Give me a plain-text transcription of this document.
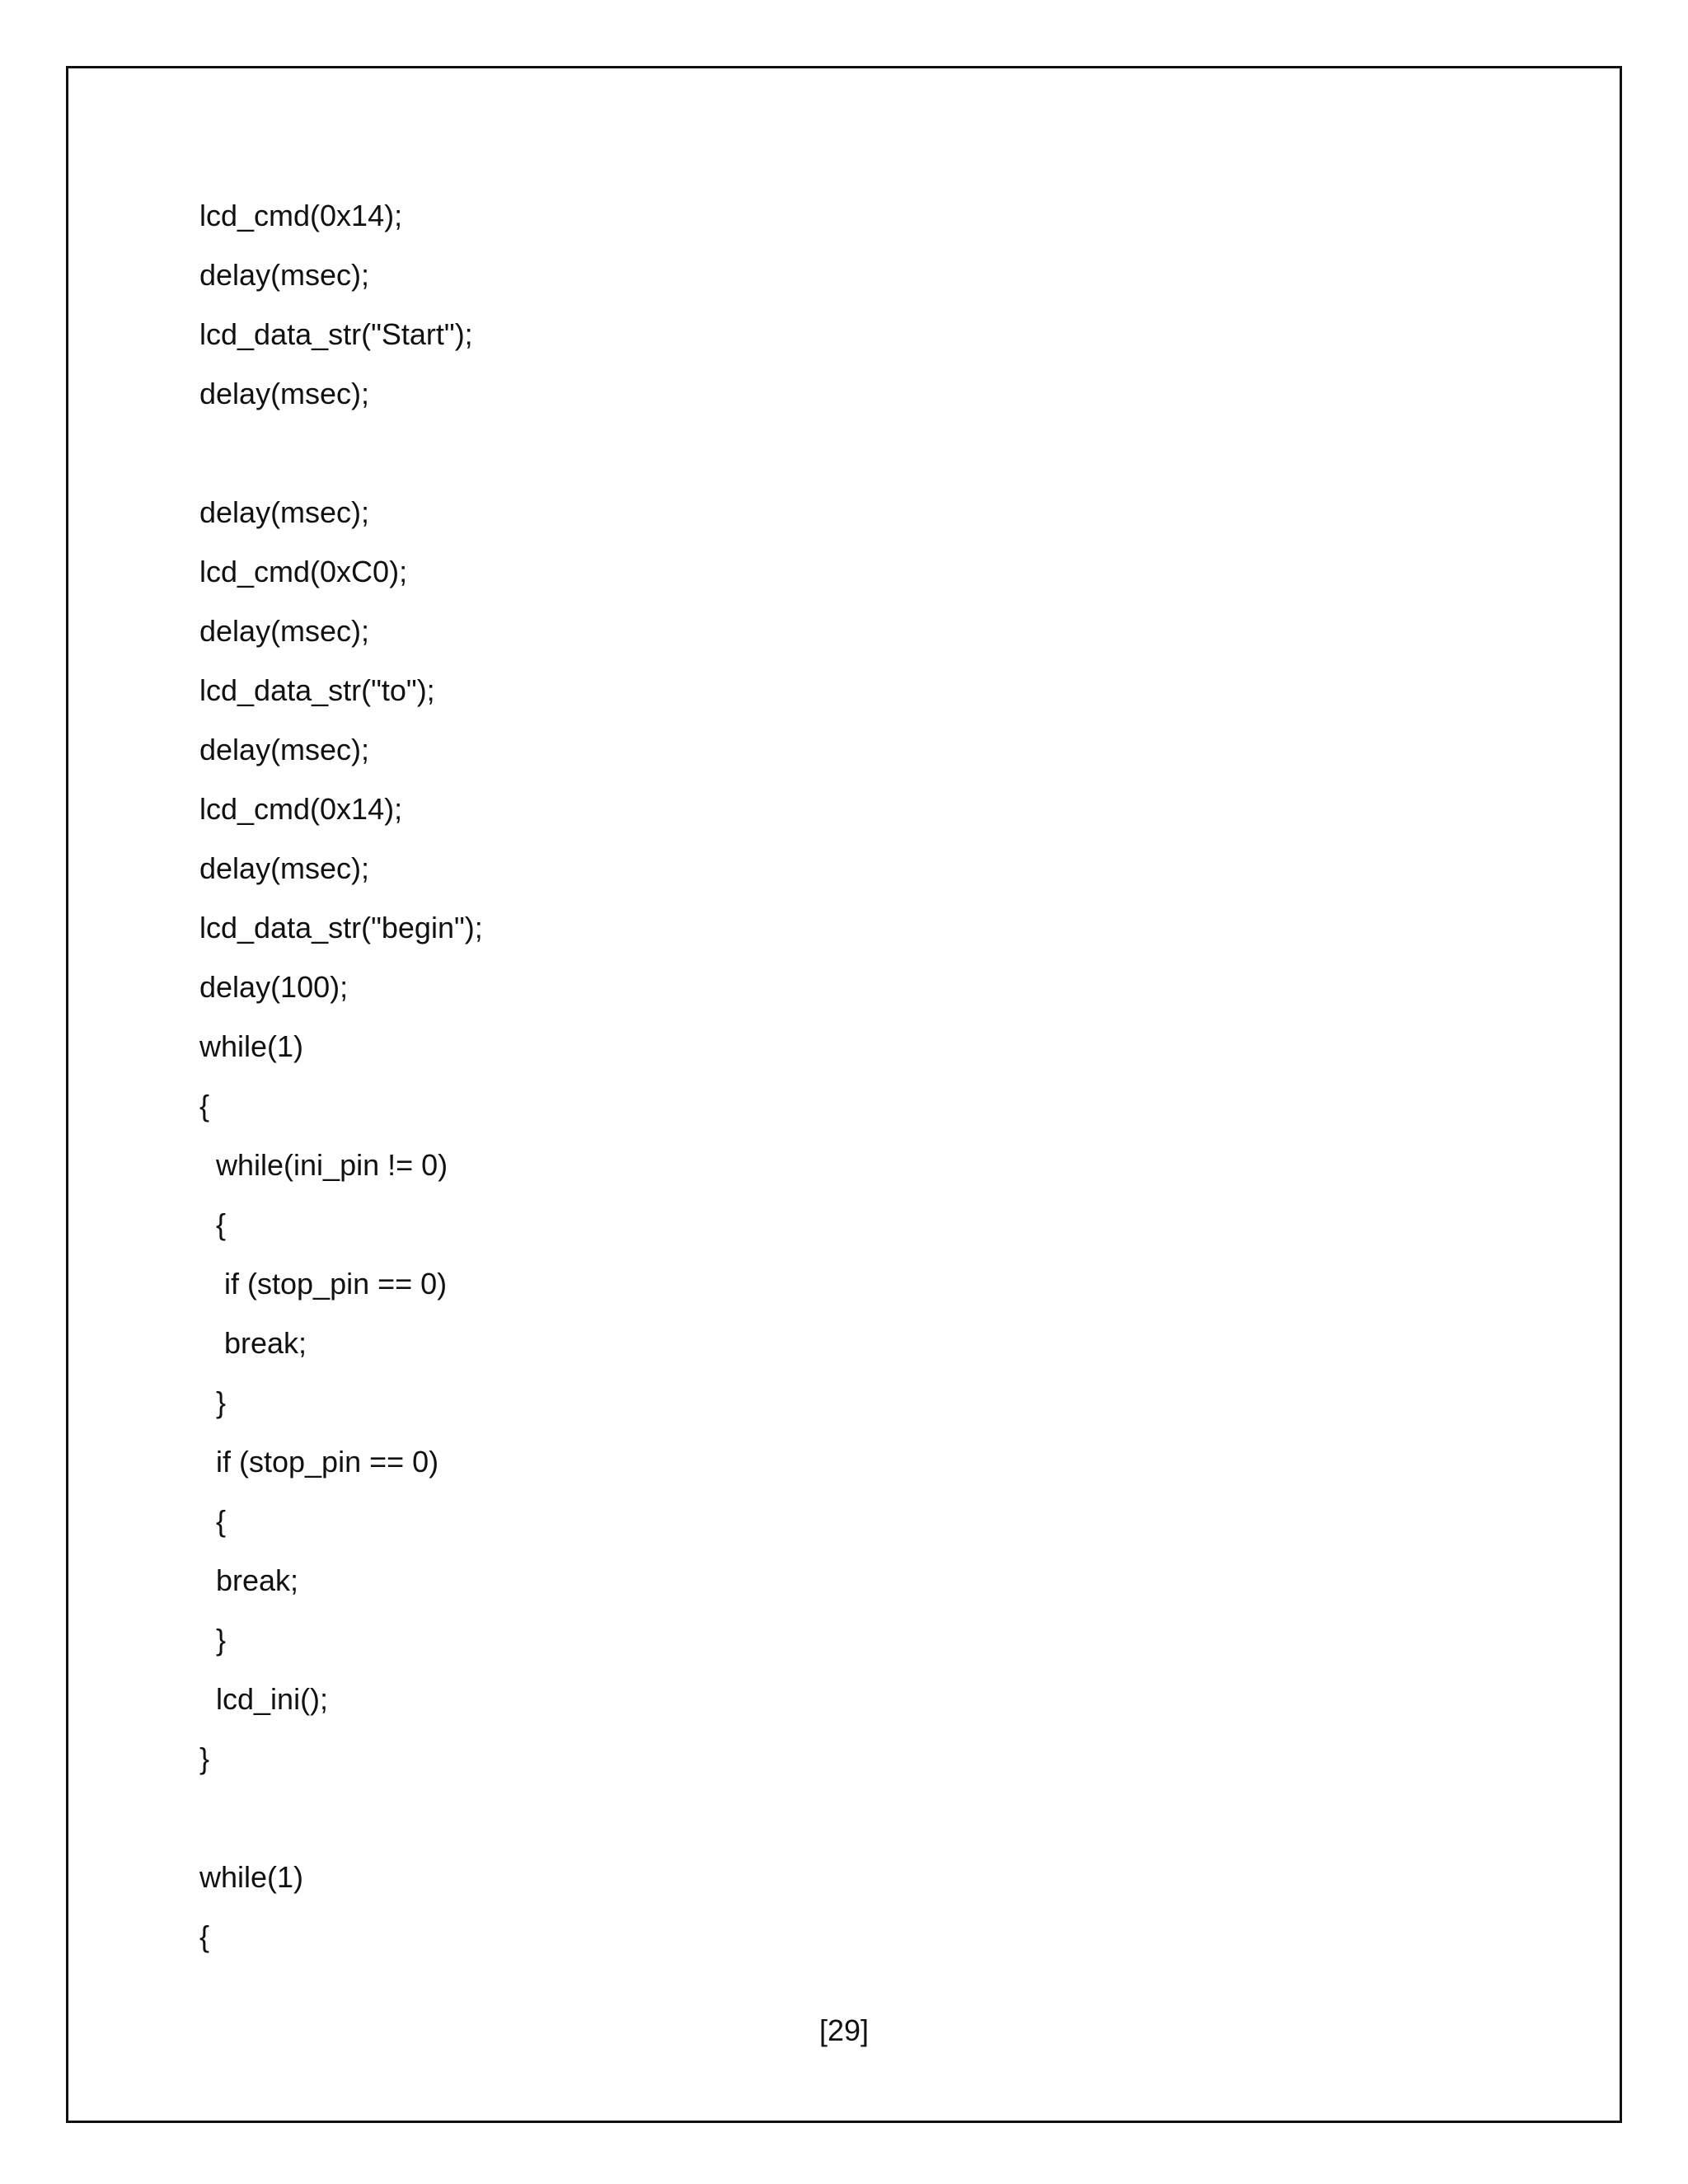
lcd_cmd(0x14);
delay(msec);
lcd_data_str("Start");
delay(msec);
delay(msec);
lcd_cmd(0xC0);
delay(msec);
lcd_data_str("to");
delay(msec);
lcd_cmd(0x14);
delay(msec);
lcd_data_str("begin");
delay(100);
while(1)
{
while(ini_pin != 0)
{
if (stop_pin == 0)
break;
}
if (stop_pin == 0)
{
break;
}
lcd_ini();
}
while(1)
{
[29]
